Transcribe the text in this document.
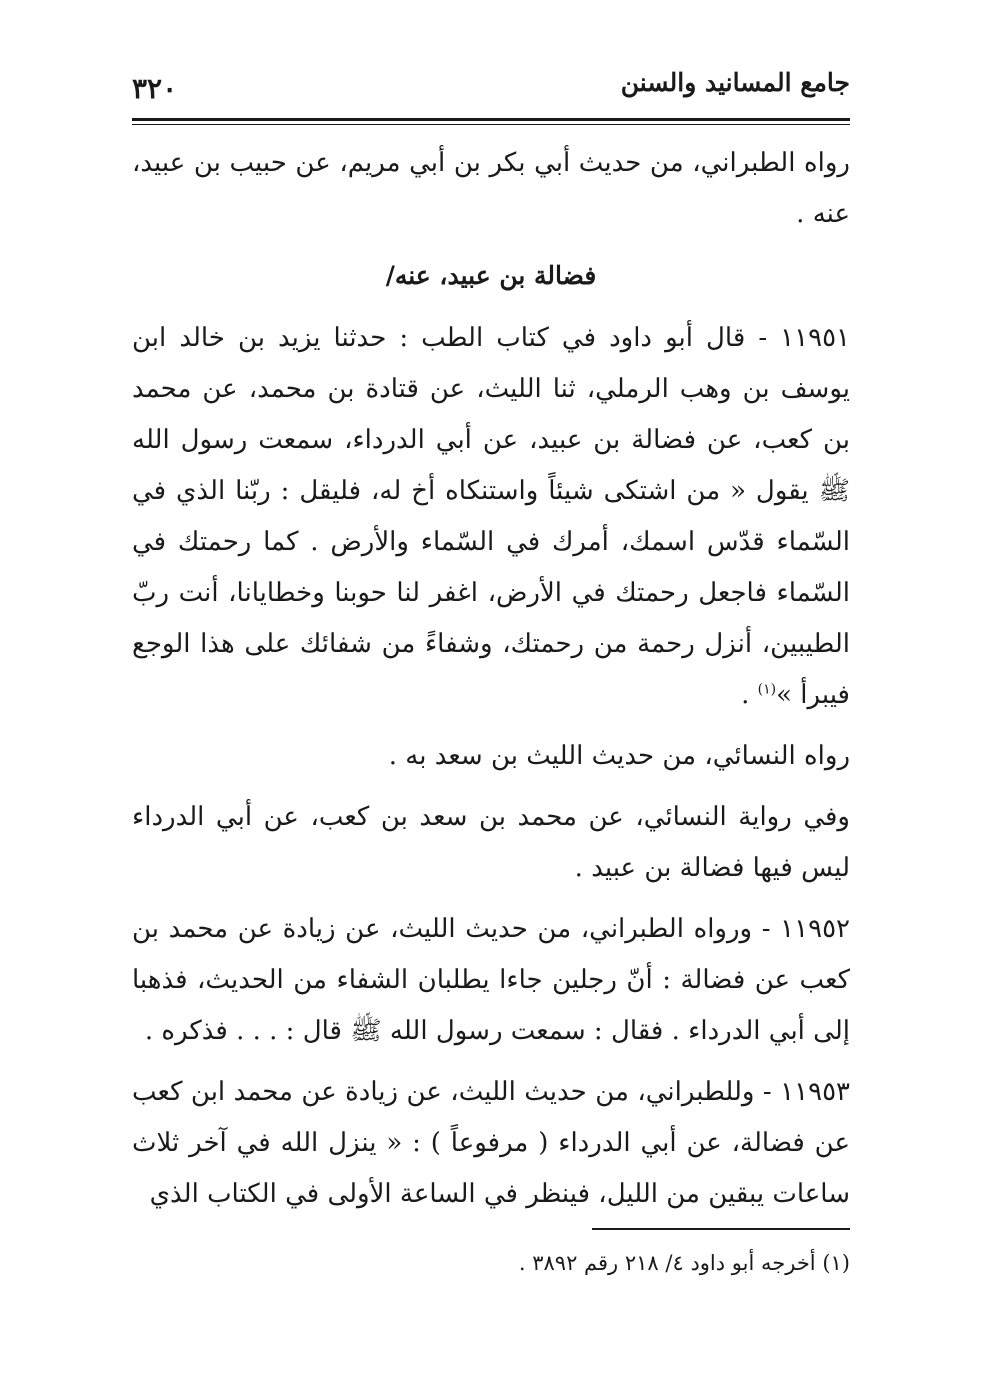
جامع المسانيد والسنن
٣٢٠

رواه الطبراني، من حديث أبي بكر بن أبي مريم، عن حبيب بن عبيد، عنه .

فضالة بن عبيد، عنه/

١١٩٥١ - قال أبو داود في كتاب الطب : حدثنا يزيد بن خالد ابن يوسف بن وهب الرملي، ثنا الليث، عن قتادة بن محمد، عن محمد بن كعب، عن فضالة بن عبيد، عن أبي الدرداء، سمعت رسول الله ﷺ يقول « من اشتكى شيئاً واستنكاه أخ له، فليقل : ربّنا الذي في السّماء قدّس اسمك، أمرك في السّماء والأرض . كما رحمتك في السّماء فاجعل رحمتك في الأرض، اغفر لنا حوبنا وخطايانا، أنت ربّ الطيبين، أنزل رحمة من رحمتك، وشفاءً من شفائك على هذا الوجع فيبرأ »$^{(١)}$ .

رواه النسائي، من حديث الليث بن سعد به .

وفي رواية النسائي، عن محمد بن سعد بن كعب، عن أبي الدرداء ليس فيها فضالة بن عبيد .

١١٩٥٢ - ورواه الطبراني، من حديث الليث، عن زيادة عن محمد بن كعب عن فضالة : أنّ رجلين جاءا يطلبان الشفاء من الحديث، فذهبا إلى أبي الدرداء . فقال : سمعت رسول الله ﷺ قال : . . . فذكره .

١١٩٥٣ - وللطبراني، من حديث الليث، عن زيادة عن محمد ابن كعب عن فضالة، عن أبي الدرداء ( مرفوعاً ) : « ينزل الله في آخر ثلاث ساعات يبقين من الليل، فينظر في الساعة الأولى في الكتاب الذي

(١) أخرجه أبو داود ٤/ ٢١٨ رقم ٣٨٩٢ .
